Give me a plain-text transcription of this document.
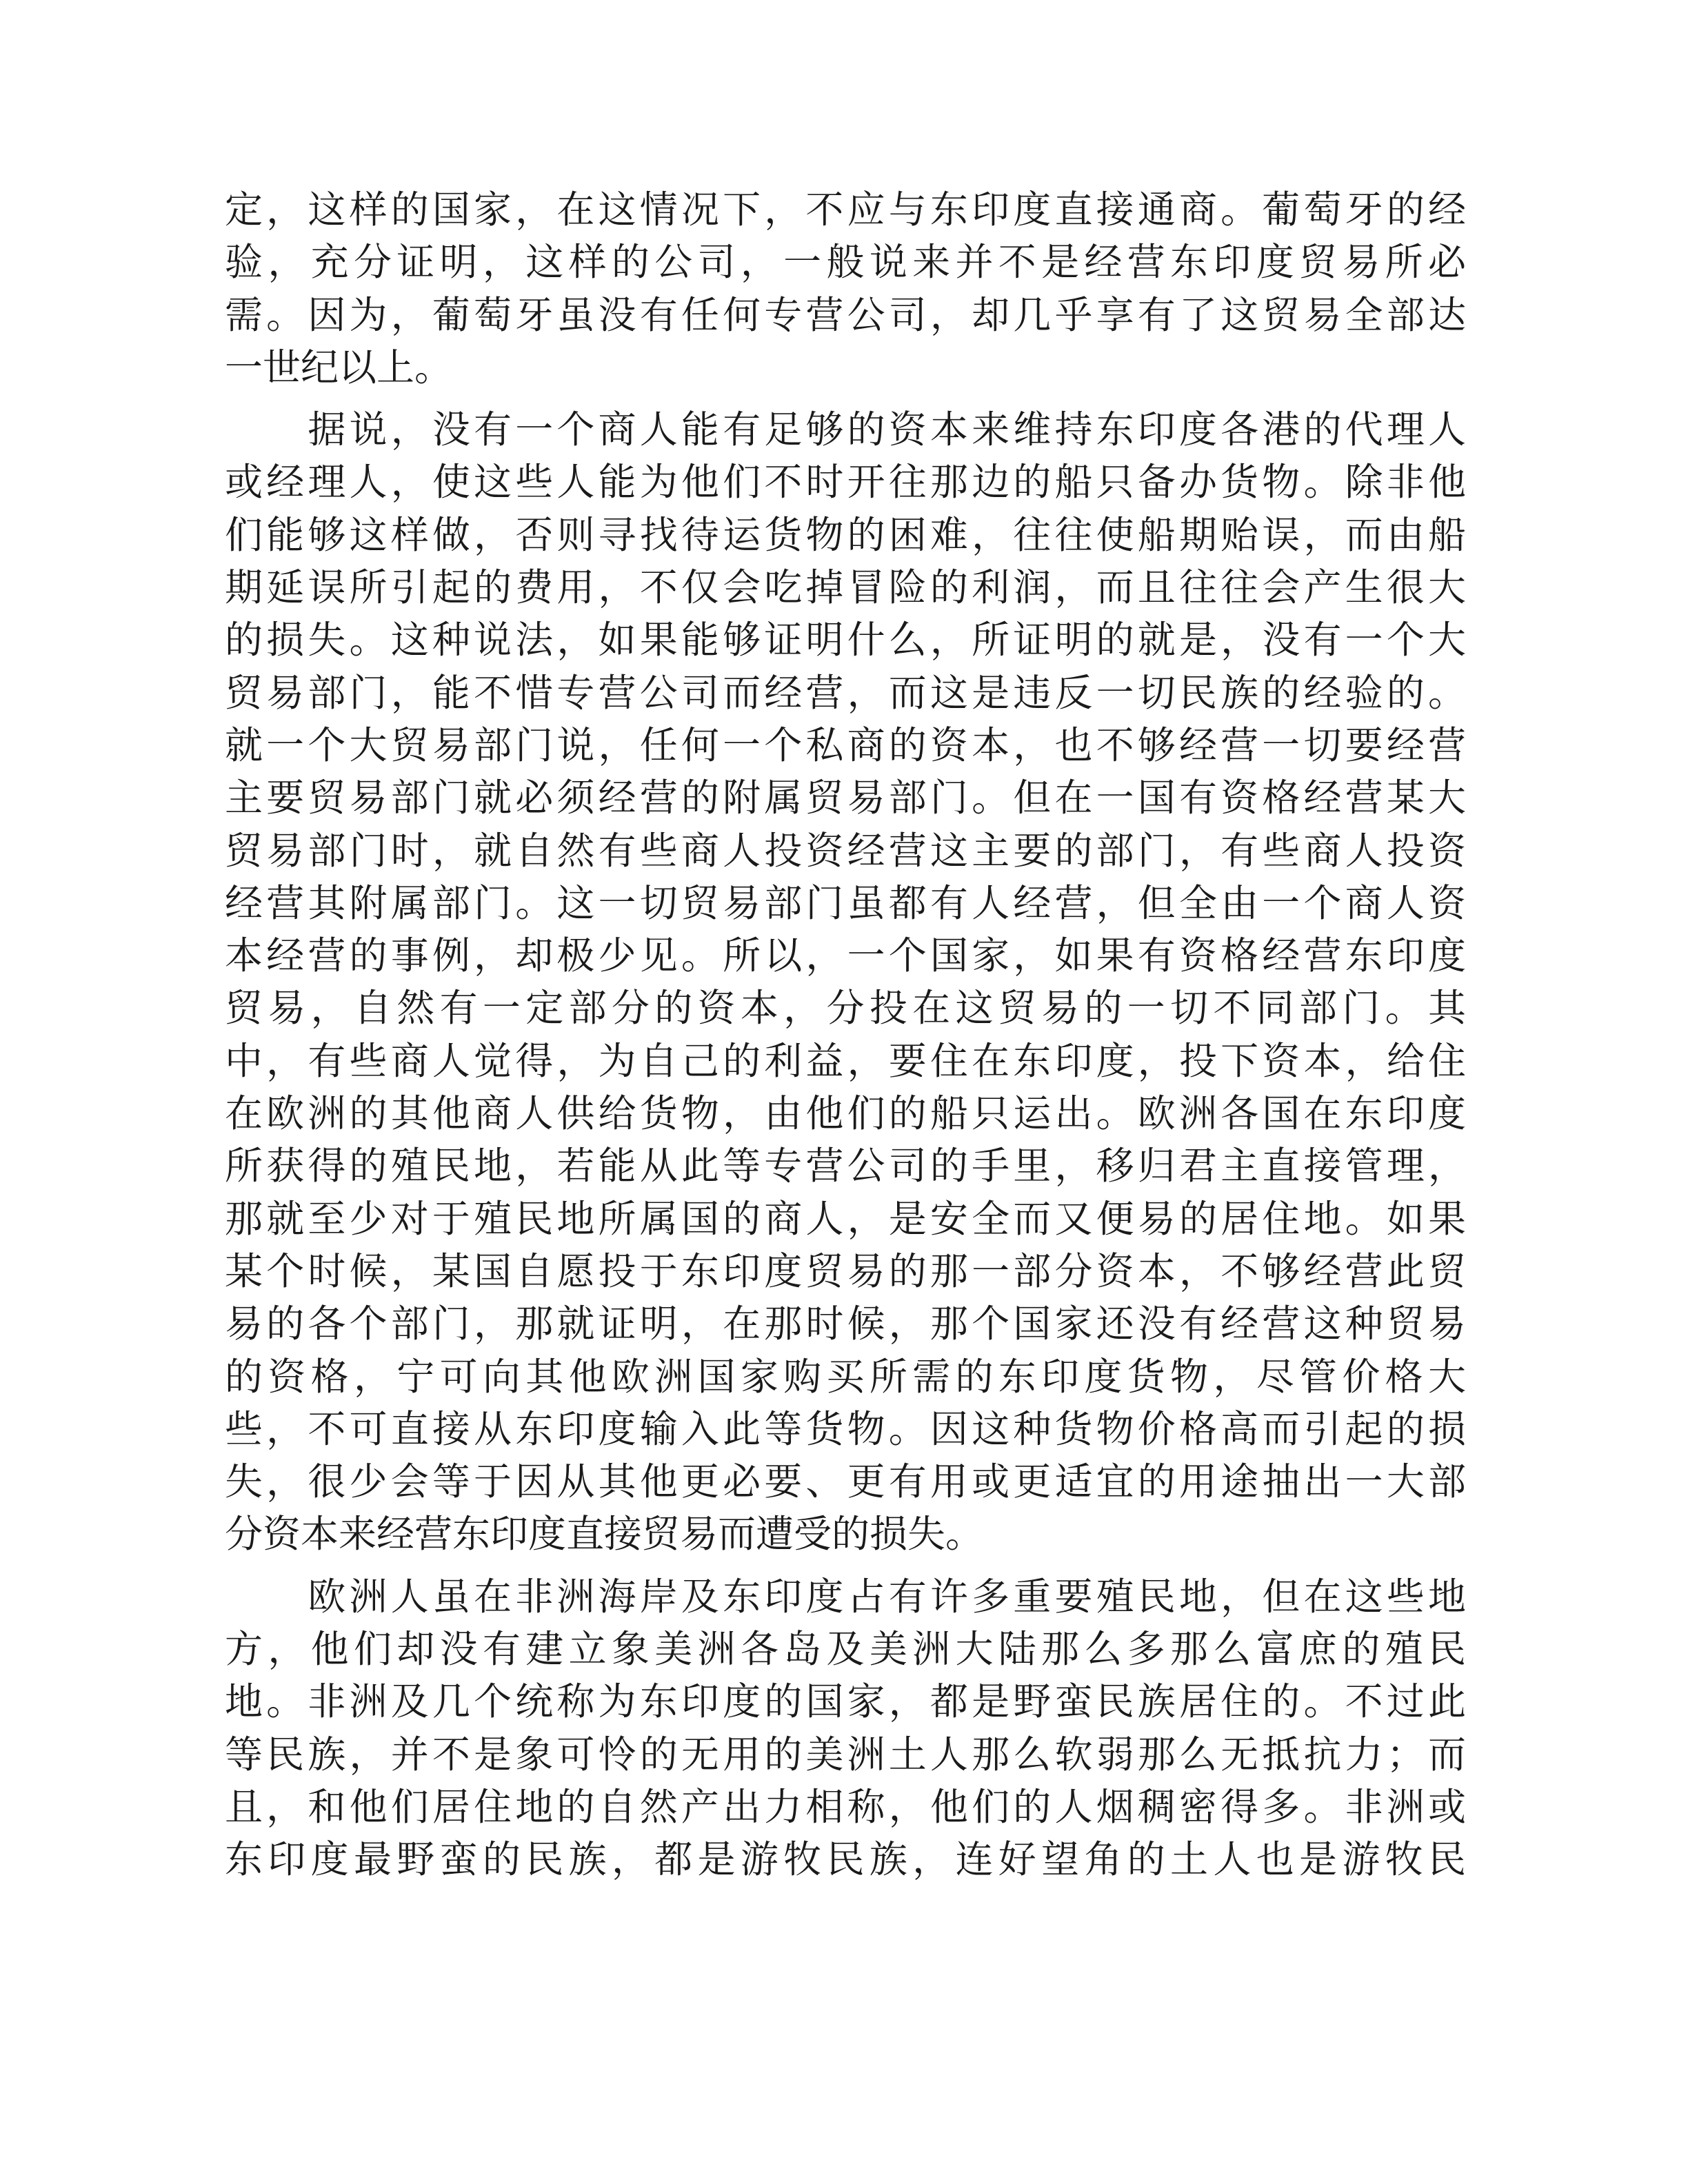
定，这样的国家，在这情况下，不应与东印度直接通商。葡萄牙的经
验，充分证明，这样的公司，一般说来并不是经营东印度贸易所必
需。因为，葡萄牙虽没有任何专营公司，却几乎享有了这贸易全部达
一世纪以上。
　　据说，没有一个商人能有足够的资本来维持东印度各港的代理人
或经理人，使这些人能为他们不时开往那边的船只备办货物。除非他
们能够这样做，否则寻找待运货物的困难，往往使船期贻误，而由船
期延误所引起的费用，不仅会吃掉冒险的利润，而且往往会产生很大
的损失。这种说法，如果能够证明什么，所证明的就是，没有一个大
贸易部门，能不惜专营公司而经营，而这是违反一切民族的经验的。
就一个大贸易部门说，任何一个私商的资本，也不够经营一切要经营
主要贸易部门就必须经营的附属贸易部门。但在一国有资格经营某大
贸易部门时，就自然有些商人投资经营这主要的部门，有些商人投资
经营其附属部门。这一切贸易部门虽都有人经营，但全由一个商人资
本经营的事例，却极少见。所以，一个国家，如果有资格经营东印度
贸易，自然有一定部分的资本，分投在这贸易的一切不同部门。其
中，有些商人觉得，为自己的利益，要住在东印度，投下资本，给住
在欧洲的其他商人供给货物，由他们的船只运出。欧洲各国在东印度
所获得的殖民地，若能从此等专营公司的手里，移归君主直接管理，
那就至少对于殖民地所属国的商人，是安全而又便易的居住地。如果
某个时候，某国自愿投于东印度贸易的那一部分资本，不够经营此贸
易的各个部门，那就证明，在那时候，那个国家还没有经营这种贸易
的资格，宁可向其他欧洲国家购买所需的东印度货物，尽管价格大
些，不可直接从东印度输入此等货物。因这种货物价格高而引起的损
失，很少会等于因从其他更必要、更有用或更适宜的用途抽出一大部
分资本来经营东印度直接贸易而遭受的损失。
　　欧洲人虽在非洲海岸及东印度占有许多重要殖民地，但在这些地
方，他们却没有建立象美洲各岛及美洲大陆那么多那么富庶的殖民
地。非洲及几个统称为东印度的国家，都是野蛮民族居住的。不过此
等民族，并不是象可怜的无用的美洲土人那么软弱那么无抵抗力；而
且，和他们居住地的自然产出力相称，他们的人烟稠密得多。非洲或
东印度最野蛮的民族，都是游牧民族，连好望角的土人也是游牧民
